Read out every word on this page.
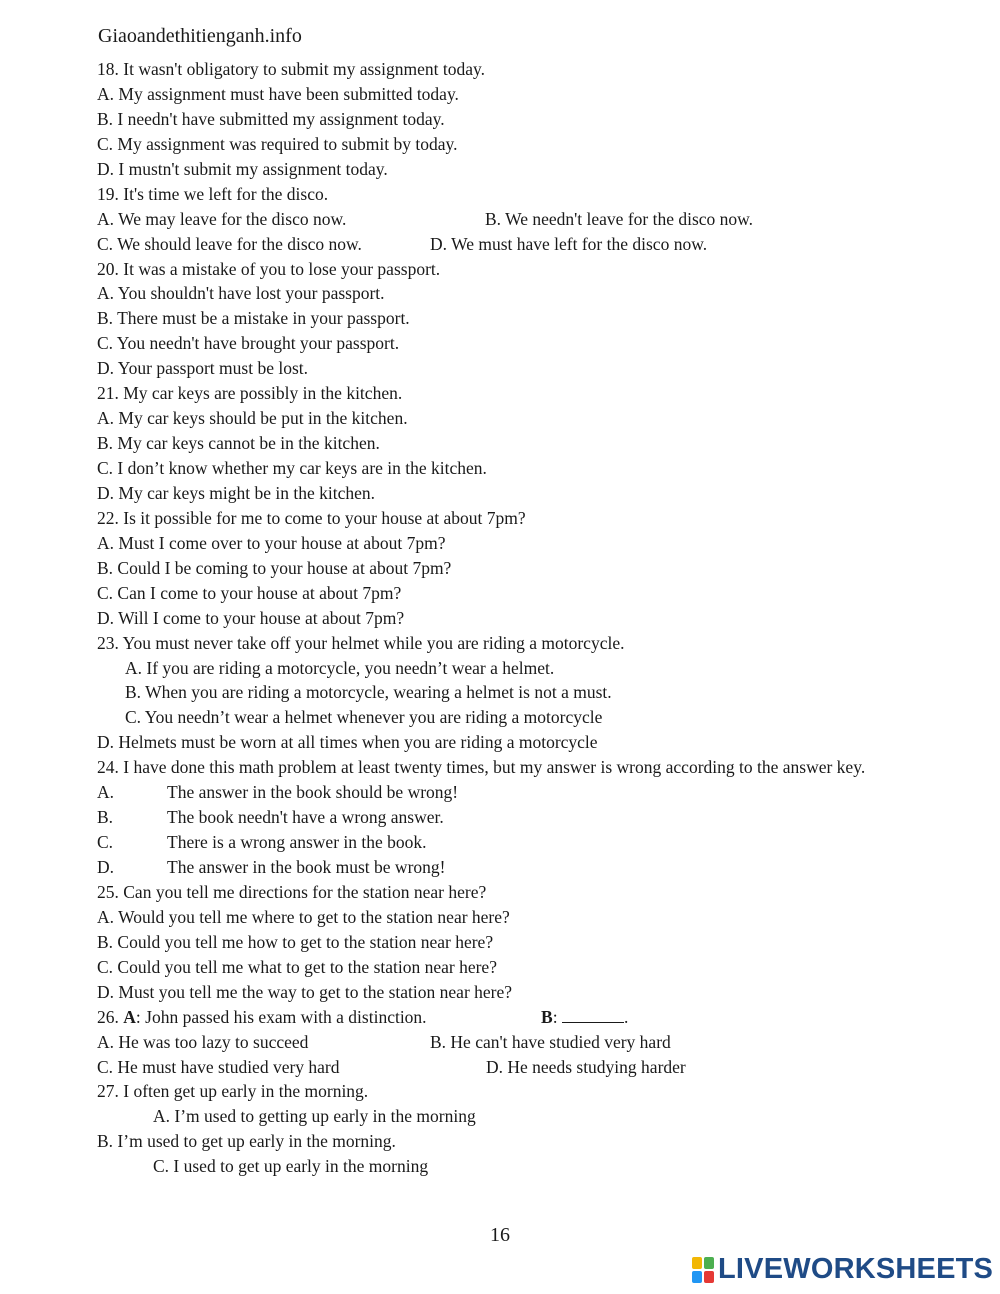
Giaoandethitienganh.info
18. It wasn't obligatory to submit my assignment today.
A. My assignment must have been submitted today.
B. I needn't have submitted my assignment today.
C. My assignment was required to submit by today.
D. I mustn't submit my assignment today.
19. It's time we left for the disco.
A. We may leave for the disco now.	B. We needn't leave for the disco now.
C. We should leave for the disco now.	D. We must have left for the disco now.
20. It was a mistake of you to lose your passport.
A. You shouldn't have lost your passport.
B. There must be a mistake in your passport.
C. You needn't have brought your passport.
D. Your passport must be lost.
21. My car keys are possibly in the kitchen.
A. My car keys should be put in the kitchen.
B. My car keys cannot be in the kitchen.
C. I don’t know whether my car keys are in the kitchen.
D. My car keys might be in the kitchen.
22. Is it possible for me to come to your house at about 7pm?
A. Must I come over to your house at about 7pm?
B. Could I be coming to your house at about 7pm?
C. Can I come to your house at about 7pm?
D. Will I come to your house at about 7pm?
23. You must never take off your helmet while you are riding a motorcycle.
A. If you are riding a motorcycle, you needn’t wear a helmet.
B. When you are riding a motorcycle, wearing a helmet is not a must.
C. You needn’t wear a helmet whenever you are riding a motorcycle
D. Helmets must be worn at all times when you are riding a motorcycle
24. I have done this math problem at least twenty times, but my answer is wrong according to the answer key.
A.	The answer in the book should be wrong!
B.	The book needn't have a wrong answer.
C.	There is a wrong answer in the book.
D.	The answer in the book must be wrong!
25. Can you tell me directions for the station near here?
A. Would you tell me where to get to the station near here?
B. Could you tell me how to get to the station near here?
C. Could you tell me what to get to the station near here?
D. Must you tell me the way to get to the station near here?
26. A: John passed his exam with a distinction.	B:	.
A. He was too lazy to succeed	B. He can't have studied very hard
C. He must have studied very hard	D. He needs studying harder
27. I often get up early in the morning.
A. I’m used to getting up early in the morning
B. I’m used to get up early in the morning.
C. I used to get up early in the morning
16
LIVEWORKSHEETS
